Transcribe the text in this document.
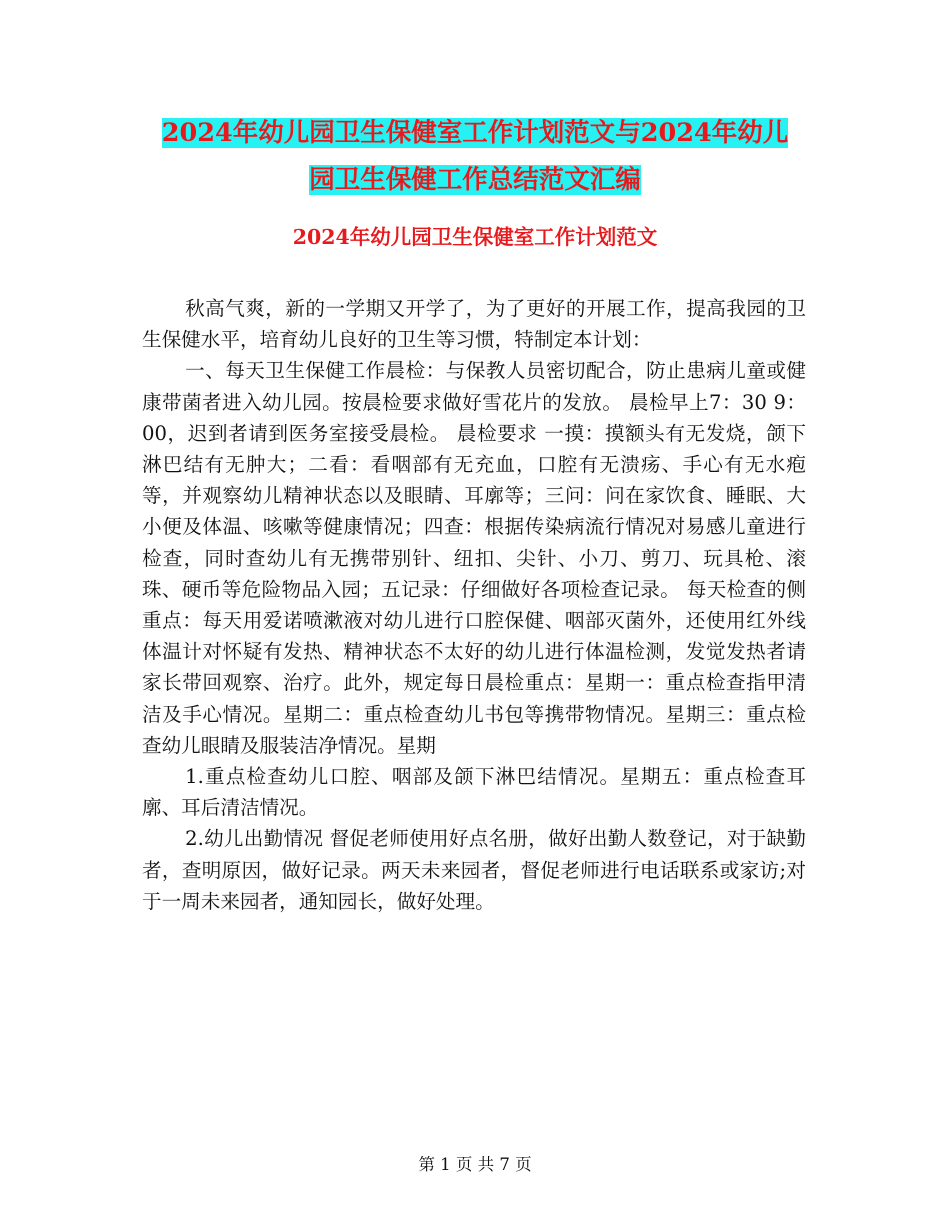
2024年幼儿园卫生保健室工作计划范文与2024年幼儿
园卫生保健工作总结范文汇编
2024年幼儿园卫生保健室工作计划范文

秋高气爽，新的一学期又开学了，为了更好的开展工作，提高我园的卫生保健水平，培育幼儿良好的卫生等习惯，特制定本计划：

一、每天卫生保健工作晨检：与保教人员密切配合，防止患病儿童或健康带菌者进入幼儿园。按晨检要求做好雪花片的发放。 晨检早上7：30 9：00，迟到者请到医务室接受晨检。 晨检要求 一摸：摸额头有无发烧，颌下淋巴结有无肿大；二看：看咽部有无充血，口腔有无溃疡、手心有无水疱等，并观察幼儿精神状态以及眼睛、耳廓等；三问：问在家饮食、睡眠、大小便及体温、咳嗽等健康情况；四查：根据传染病流行情况对易感儿童进行检查，同时查幼儿有无携带别针、纽扣、尖针、小刀、剪刀、玩具枪、滚珠、硬币等危险物品入园；五记录：仔细做好各项检查记录。 每天检查的侧重点：每天用爱诺喷漱液对幼儿进行口腔保健、咽部灭菌外，还使用红外线体温计对怀疑有发热、精神状态不太好的幼儿进行体温检测，发觉发热者请家长带回观察、治疗。此外，规定每日晨检重点：星期一：重点检查指甲清洁及手心情况。星期二：重点检查幼儿书包等携带物情况。星期三：重点检查幼儿眼睛及服装洁净情况。星期

1.重点检查幼儿口腔、咽部及颌下淋巴结情况。星期五：重点检查耳廓、耳后清洁情况。

2.幼儿出勤情况 督促老师使用好点名册，做好出勤人数登记，对于缺勤者，查明原因，做好记录。两天未来园者，督促老师进行电话联系或家访;对于一周未来园者，通知园长，做好处理。

第 1 页 共 7 页
